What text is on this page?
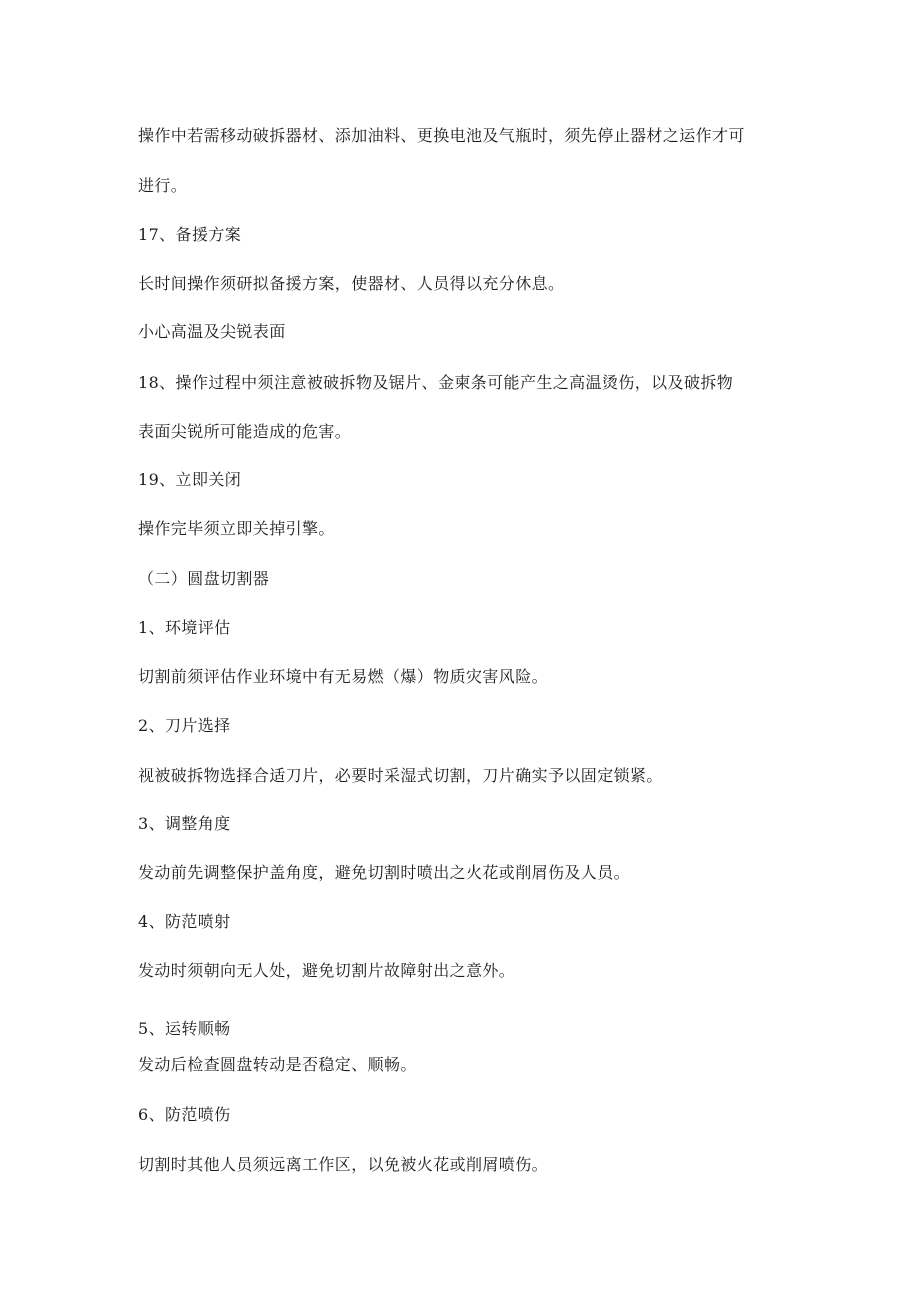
操作中若需移动破拆器材、添加油料、更换电池及气瓶时，须先停止器材之运作才可
进行。
17、备援方案
长时间操作须研拟备援方案，使器材、人员得以充分休息。
小心高温及尖锐表面
18、操作过程中须注意被破拆物及锯片、金柬条可能产生之高温烫伤，以及破拆物
表面尖锐所可能造成的危害。
19、立即关闭
操作完毕须立即关掉引擎。
（二）圆盘切割器
1、环境评估
切割前须评估作业环境中有无易燃（爆）物质灾害风险。
2、刀片选择
视被破拆物选择合适刀片，必要时采湿式切割，刀片确实予以固定锁紧。
3、调整角度
发动前先调整保护盖角度，避免切割时喷出之火花或削屑伤及人员。
4、防范喷射
发动时须朝向无人处，避免切割片故障射出之意外。
5、运转顺畅
发动后检查圆盘转动是否稳定、顺畅。
6、防范喷伤
切割时其他人员须远离工作区，以免被火花或削屑喷伤。
